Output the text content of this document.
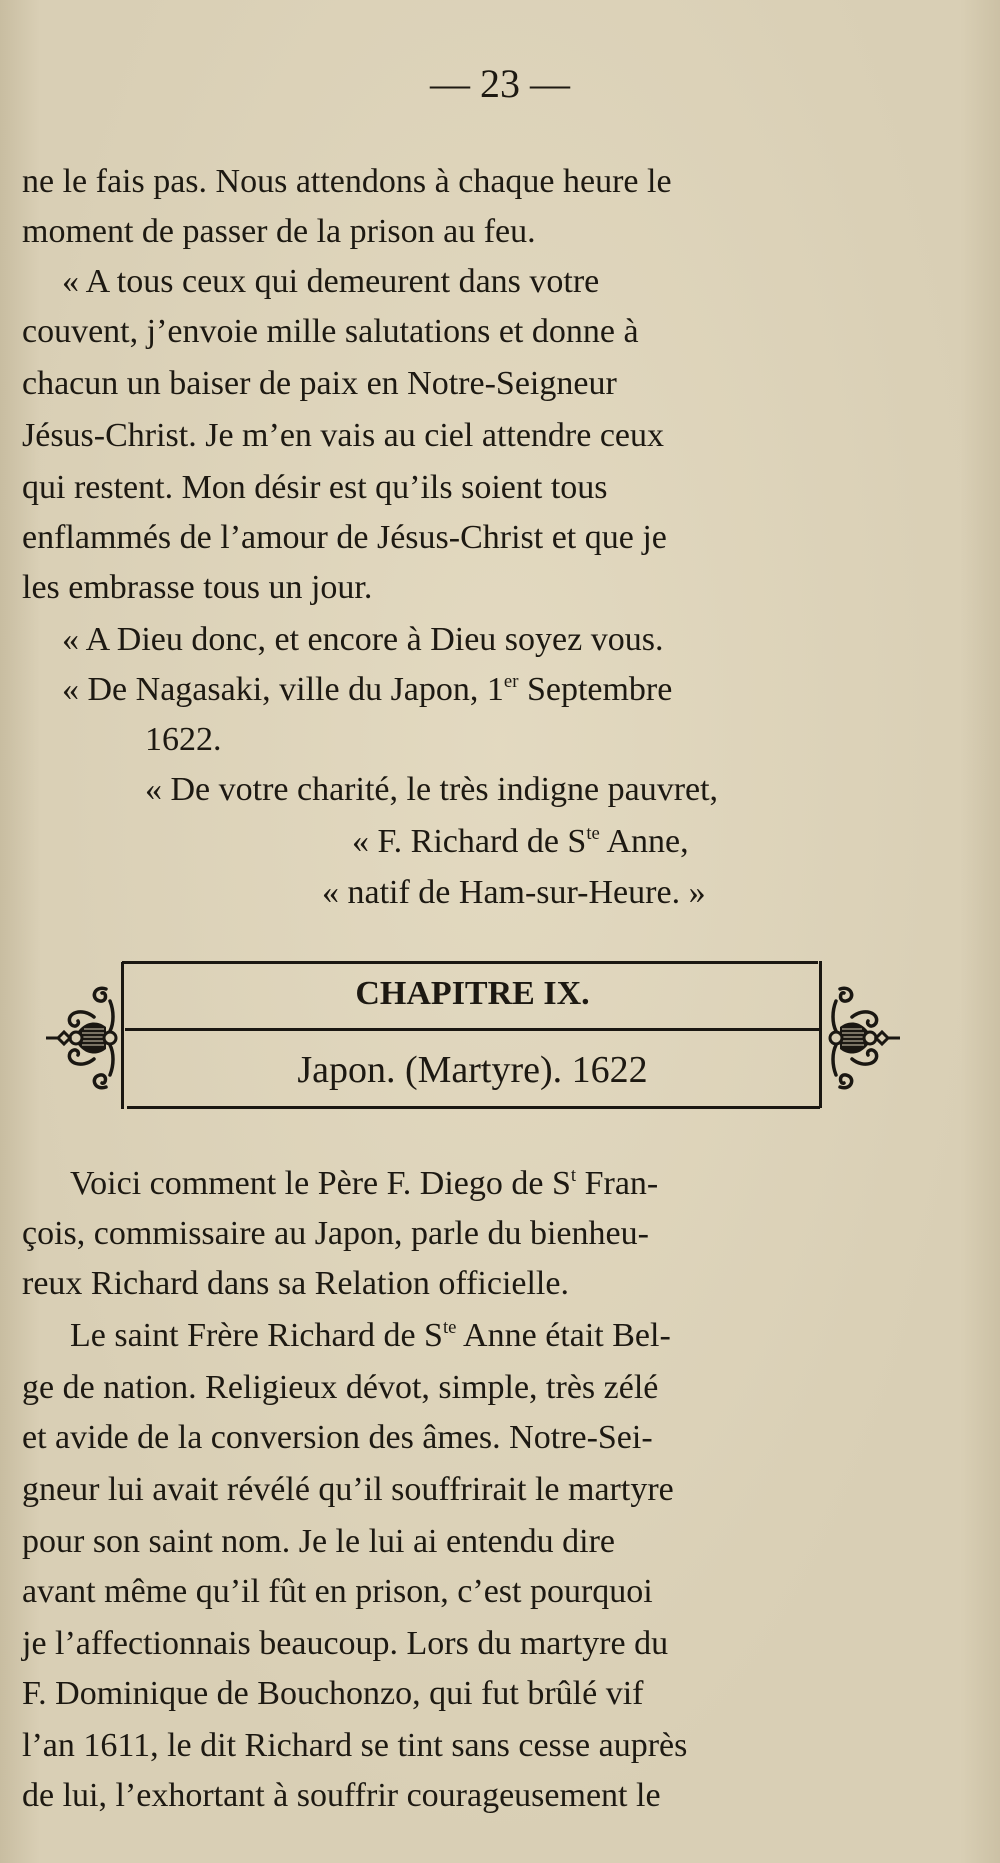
— 23 —
ne le fais pas. Nous attendons à chaque heure le
moment de passer de la prison au feu.
« A tous ceux qui demeurent dans votre
couvent, j’envoie mille salutations et donne à
chacun un baiser de paix en Notre-Seigneur
Jésus-Christ. Je m’en vais au ciel attendre ceux
qui restent. Mon désir est qu’ils soient tous
enflammés de l’amour de Jésus-Christ et que je
les embrasse tous un jour.
« A Dieu donc, et encore à Dieu soyez vous.
« De Nagasaki, ville du Japon, 1er Septembre
1622.
« De votre charité, le très indigne pauvret,
« F. Richard de $S^{te}$ Anne,
« natif de Ham-sur-Heure. »
CHAPITRE IX.
Japon. (Martyre). 1622
Voici comment le Père F. Diego de $S^t$ Fran-
çois, commissaire au Japon, parle du bienheu-
reux Richard dans sa Relation officielle.
Le saint Frère Richard de $S^{te}$ Anne était Bel-
ge de nation. Religieux dévot, simple, très zélé
et avide de la conversion des âmes. Notre-Sei-
gneur lui avait révélé qu’il souffrirait le martyre
pour son saint nom. Je le lui ai entendu dire
avant même qu’il fût en prison, c’est pourquoi
je l’affectionnais beaucoup. Lors du martyre du
F. Dominique de Bouchonzo, qui fut brûlé vif
l’an 1611, le dit Richard se tint sans cesse auprès
de lui, l’exhortant à souffrir courageusement le
